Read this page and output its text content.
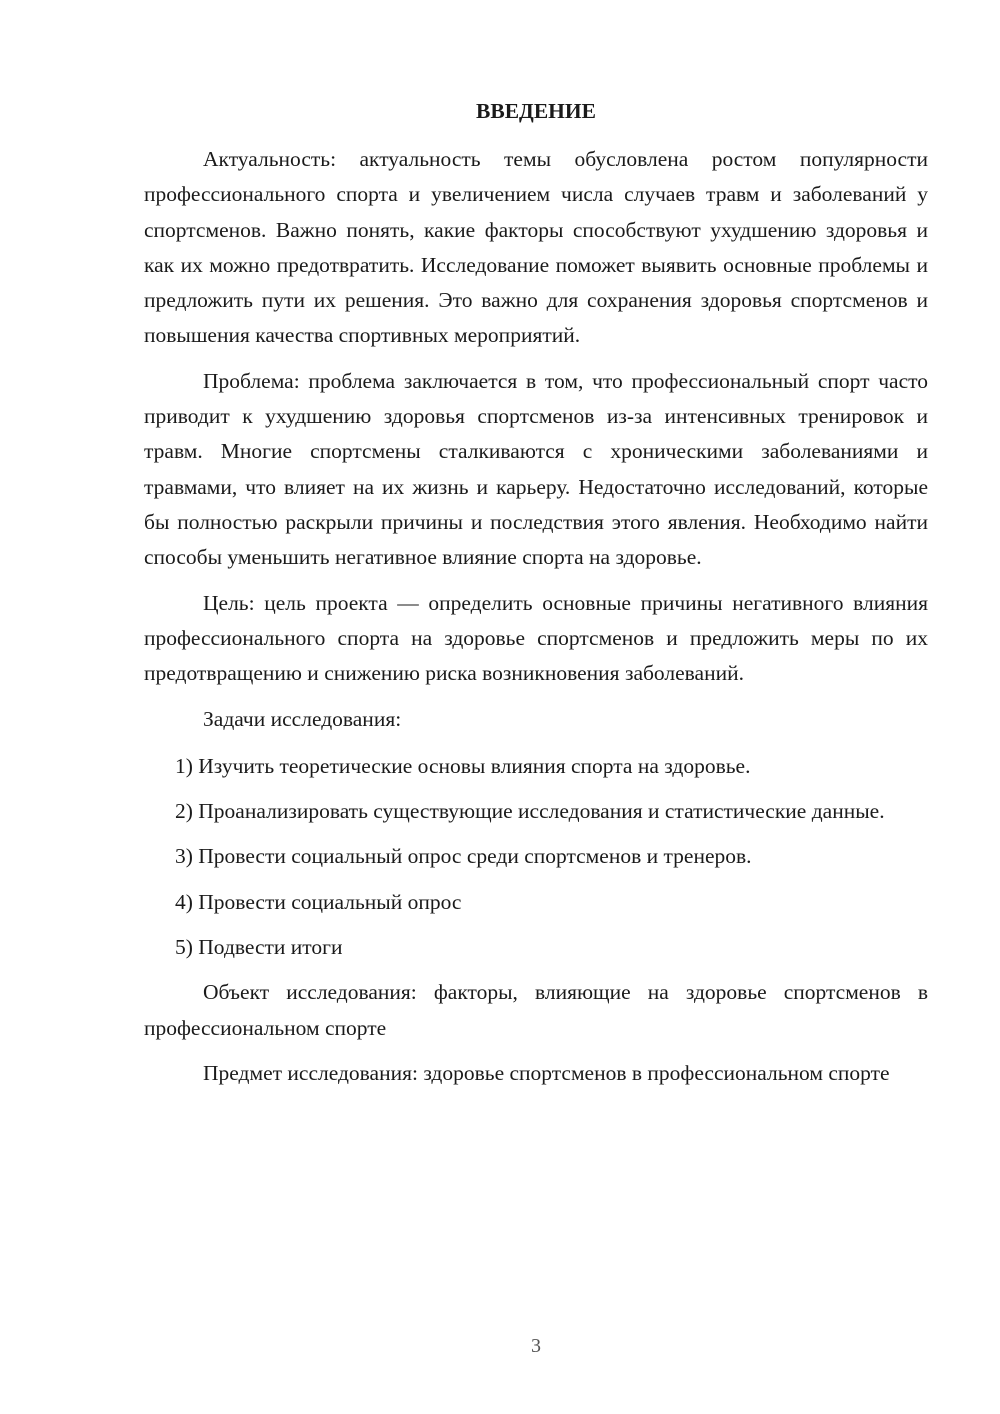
ВВЕДЕНИЕ

Актуальность: актуальность темы обусловлена ростом популярности профессионального спорта и увеличением числа случаев травм и заболеваний у спортсменов. Важно понять, какие факторы способствуют ухудшению здоровья и как их можно предотвратить. Исследование поможет выявить основные проблемы и предложить пути их решения. Это важно для сохранения здоровья спортсменов и повышения качества спортивных мероприятий.

Проблема: проблема заключается в том, что профессиональный спорт часто приводит к ухудшению здоровья спортсменов из-за интенсивных тренировок и травм. Многие спортсмены сталкиваются с хроническими заболеваниями и травмами, что влияет на их жизнь и карьеру. Недостаточно исследований, которые бы полностью раскрыли причины и последствия этого явления. Необходимо найти способы уменьшить негативное влияние спорта на здоровье.

Цель: цель проекта — определить основные причины негативного влияния профессионального спорта на здоровье спортсменов и предложить меры по их предотвращению и снижению риска возникновения заболеваний.

Задачи исследования:

1) Изучить теоретические основы влияния спорта на здоровье.

2) Проанализировать существующие исследования и статистические данные.

3) Провести социальный опрос среди спортсменов и тренеров.

4) Провести социальный опрос

5) Подвести итоги

Объект исследования: факторы, влияющие на здоровье спортсменов в профессиональном спорте

Предмет исследования: здоровье спортсменов в профессиональном спорте

3
